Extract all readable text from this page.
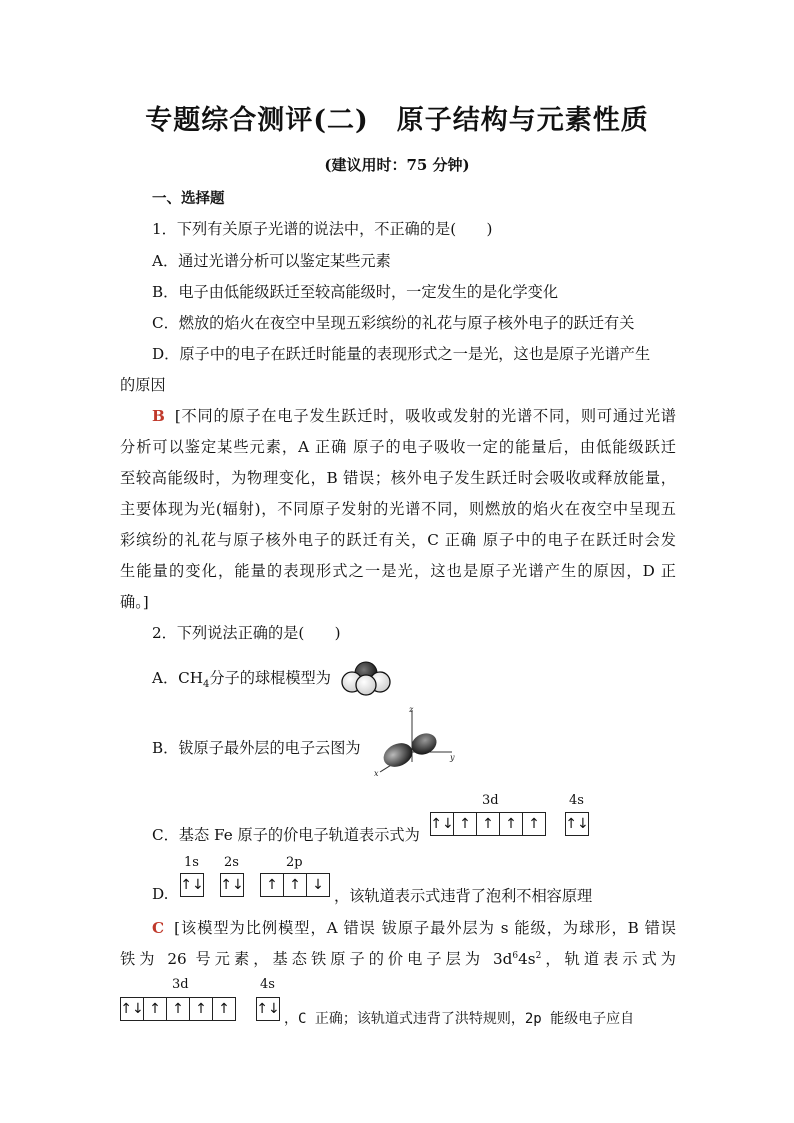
专题综合测评(二)　原子结构与元素性质
(建议用时：75 分钟)
一、选择题
1．下列有关原子光谱的说法中，不正确的是(　　)
A．通过光谱分析可以鉴定某些元素
B．电子由低能级跃迁至较高能级时，一定发生的是化学变化
C．燃放的焰火在夜空中呈现五彩缤纷的礼花与原子核外电子的跃迁有关
D．原子中的电子在跃迁时能量的表现形式之一是光，这也是原子光谱产生
的原因
B [不同的原子在电子发生跃迁时，吸收或发射的光谱不同，则可通过光谱
分析可以鉴定某些元素，A 正确 原子的电子吸收一定的能量后，由低能级跃迁
至较高能级时，为物理变化，B 错误；核外电子发生跃迁时会吸收或释放能量，
主要体现为光(辐射)，不同原子发射的光谱不同，则燃放的焰火在夜空中呈现五
彩缤纷的礼花与原子核外电子的跃迁有关，C 正确 原子中的电子在跃迁时会发
生能量的变化，能量的表现形式之一是光，这也是原子光谱产生的原因，D 正
确。]
2．下列说法正确的是(　　)
A．$CH_4$分子的球棍模型为
B．钹原子最外层的电子云图为
z
y
x
C．基态 Fe 原子的价电子轨道表示式为
3d	4s
↑↓ ↑ ↑ ↑ ↑	↑↓
1s 2s	2p
D. ↑↓ ↑↓	↑ ↑ ↓
，该轨道表示式违背了泡利不相容原理
C [该模型为比例模型，A 错误 钹原子最外层为 s 能级，为球形，B 错误
铁为 26 号元素，基态铁原子的价电子层为 $3d^64s^2$，轨道表示式为
3d	4s
↑↓ ↑ ↑ ↑ ↑	↑↓
，C 正确；该轨道式违背了洪特规则，2p 能级电子应自
